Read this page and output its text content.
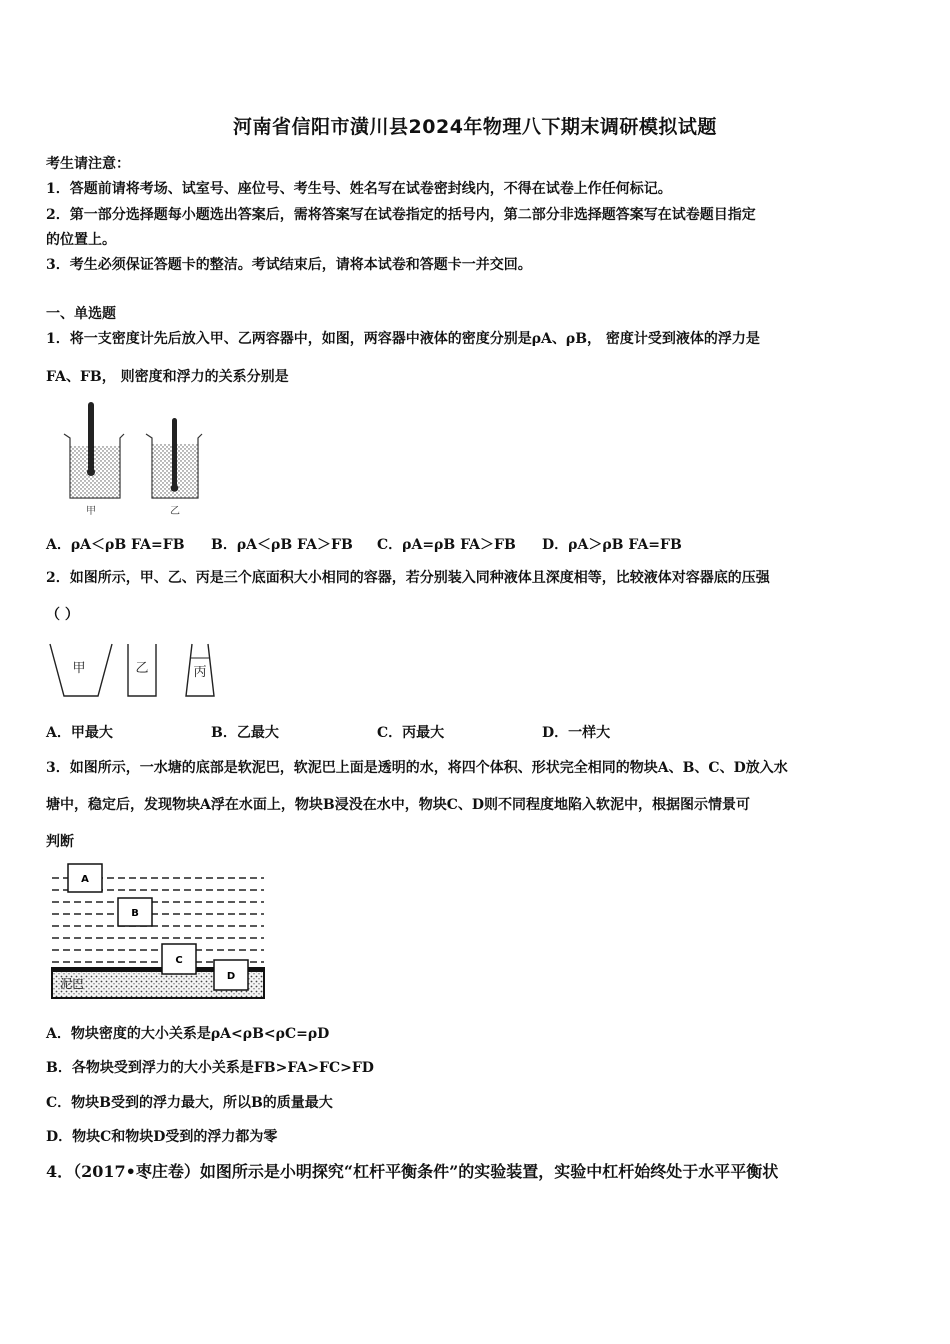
河南省信阳市潢川县2024年物理八下期末调研模拟试题
考生请注意：
1．答题前请将考场、试室号、座位号、考生号、姓名写在试卷密封线内，不得在试卷上作任何标记。
2．第一部分选择题每小题选出答案后，需将答案写在试卷指定的括号内，第二部分非选择题答案写在试卷题目指定
的位置上。
3．考生必须保证答题卡的整洁。考试结束后，请将本试卷和答题卡一并交回。
一、单选题
1．将一支密度计先后放入甲、乙两容器中，如图，两容器中液体的密度分别是ρA、ρB， 密度计受到液体的浮力是
FA、FB， 则密度和浮力的关系分别是
甲	乙
A．ρA＜ρB FA=FB B．ρA＜ρB FA＞FB C．ρA=ρB FA＞FB D．ρA＞ρB FA=FB
2．如图所示，甲、乙、丙是三个底面积大小相同的容器，若分别装入同种液体且深度相等，比较液体对容器底的压强
（ ）
甲	乙	丙
A．甲最大	B．乙最大	C．丙最大	D．一样大
3．如图所示，一水塘的底部是软泥巴，软泥巴上面是透明的水，将四个体积、形状完全相同的物块A、B、C、D放入水
塘中，稳定后，发现物块A浮在水面上，物块B浸没在水中，物块C、D则不同程度地陷入软泥中，根据图示情景可
判断
A
B
C
D
泥巴
A．物块密度的大小关系是ρA<ρB<ρC=ρD
B．各物块受到浮力的大小关系是FB>FA>FC>FD
C．物块B受到的浮力最大，所以B的质量最大
D．物块C和物块D受到的浮力都为零
4．（2017•枣庄卷）如图所示是小明探究“杠杆平衡条件”的实验装置，实验中杠杆始终处于水平平衡状
